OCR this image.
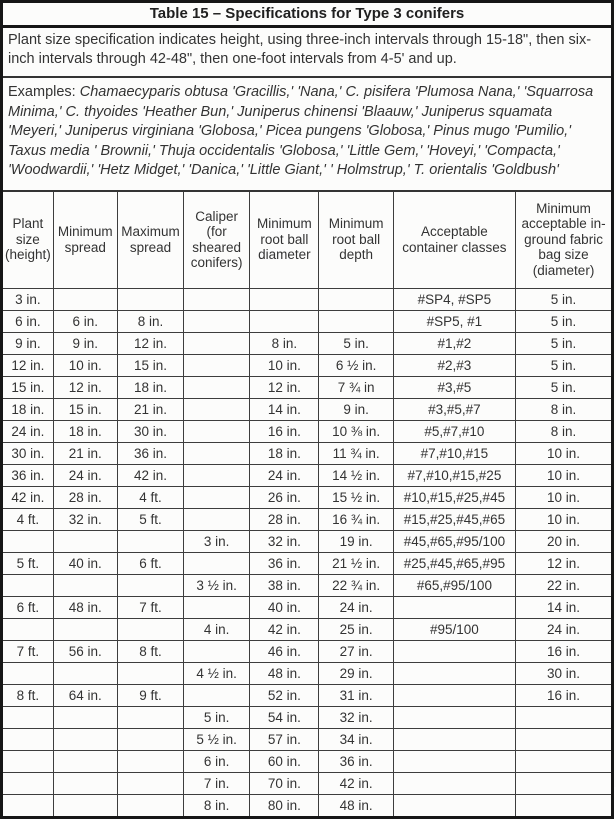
Table 15 – Specifications for Type 3 conifers
Plant size specification indicates height, using three-inch intervals through 15-18", then six-inch intervals through 42-48", then one-foot intervals from 4-5' and up.
Examples: Chamaecyparis obtusa 'Gracillis,' 'Nana,' C. pisifera 'Plumosa Nana,' 'Squarrosa Minima,' C. thyoides 'Heather Bun,' Juniperus chinensi 'Blaauw,' Juniperus squamata 'Meyeri,' Juniperus virginiana 'Globosa,' Picea pungens 'Globosa,' Pinus mugo 'Pumilio,' Taxus media ' Brownii,' Thuja occidentalis 'Globosa,' 'Little Gem,' 'Hoveyi,' 'Compacta,' 'Woodwardii,' 'Hetz Midget,' 'Danica,' 'Little Giant,' ' Holmstrup,' T. orientalis 'Goldbush'
Plant size (height)	Minimum spread	Maximum spread	Caliper (for sheared conifers)	Minimum root ball diameter	Minimum root ball depth	Acceptable container classes	Minimum acceptable in-ground fabric bag size (diameter)
3 in.						#SP4, #SP5	5 in.
6 in.	6 in.	8 in.				#SP5, #1	5 in.
9 in.	9 in.	12 in.		8 in.	5 in.	#1,#2	5 in.
12 in.	10 in.	15 in.		10 in.	6 ½ in.	#2,#3	5 in.
15 in.	12 in.	18 in.		12 in.	7 ¾ in	#3,#5	5 in.
18 in.	15 in.	21 in.		14 in.	9 in.	#3,#5,#7	8 in.
24 in.	18 in.	30 in.		16 in.	10 ⅜ in.	#5,#7,#10	8 in.
30 in.	21 in.	36 in.		18 in.	11 ¾ in.	#7,#10,#15	10 in.
36 in.	24 in.	42 in.		24 in.	14 ½ in.	#7,#10,#15,#25	10 in.
42 in.	28 in.	4 ft.		26 in.	15 ½ in.	#10,#15,#25,#45	10 in.
4 ft.	32 in.	5 ft.		28 in.	16 ¾ in.	#15,#25,#45,#65	10 in.
			3 in.	32 in.	19 in.	#45,#65,#95/100	20 in.
5 ft.	40 in.	6 ft.		36 in.	21 ½ in.	#25,#45,#65,#95	12 in.
			3 ½ in.	38 in.	22 ¾ in.	#65,#95/100	22 in.
6 ft.	48 in.	7 ft.		40 in.	24 in.		14 in.
			4 in.	42 in.	25 in.	#95/100	24 in.
7 ft.	56 in.	8 ft.		46 in.	27 in.		16 in.
			4 ½ in.	48 in.	29 in.		30 in.
8 ft.	64 in.	9 ft.		52 in.	31 in.		16 in.
			5 in.	54 in.	32 in.		
			5 ½ in.	57 in.	34 in.		
			6 in.	60 in.	36 in.		
			7 in.	70 in.	42 in.		
			8 in.	80 in.	48 in.		
